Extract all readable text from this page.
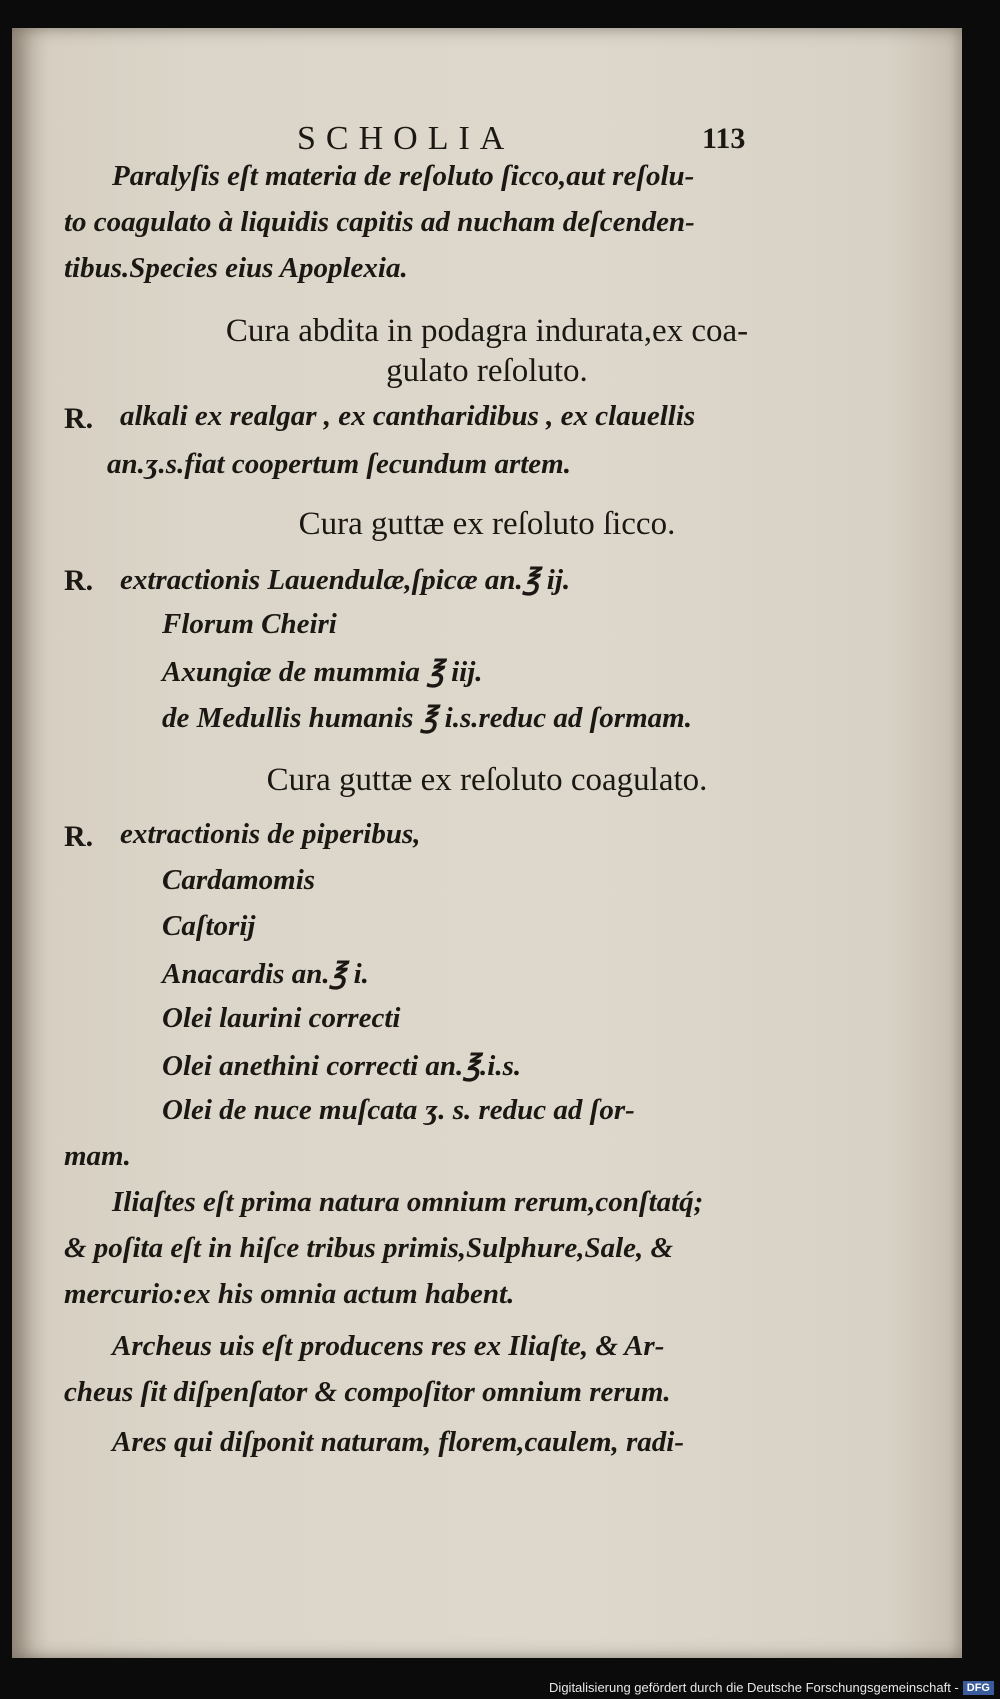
SCHOLIA	113
Paralyſis eſt materia de reſoluto ſicco,aut reſolu-
to coagulato à liquidis capitis ad nucham deſcenden-
tibus.Species eius Apoplexia.
Cura abdita in podagra indurata,ex coa-
gulato reſoluto.
R. alkali ex realgar , ex cantharidibus , ex clauellis
an.ʒ.s.fiat coopertum ſecundum artem.
Cura guttæ ex reſoluto ſicco.
R. extractionis Lauendulæ,ſpicæ an.℥ ij.
Florum Cheiri
Axungiæ de mummia ℥ iij.
de Medullis humanis ℥ i.s.reduc ad ſormam.
Cura guttæ ex reſoluto coagulato.
R. extractionis de piperibus,
Cardamomis
Caſtorij
Anacardis an.℥ i.
Olei laurini correcti
Olei anethini correcti an.℥.i.s.
Olei de nuce muſcata ʒ. s. reduc ad ſor-
mam.
Iliaſtes eſt prima natura omnium rerum,conſtatq́;
& poſita eſt in hiſce tribus primis,Sulphure,Sale, &
mercurio:ex his omnia actum habent.
Archeus uis eſt producens res ex Iliaſte, & Ar-
cheus ſit diſpenſator & compoſitor omnium rerum.
Ares qui diſponit naturam, florem,caulem, radi-
Digitalisierung gefördert durch die Deutsche Forschungsgemeinschaft - DFG
